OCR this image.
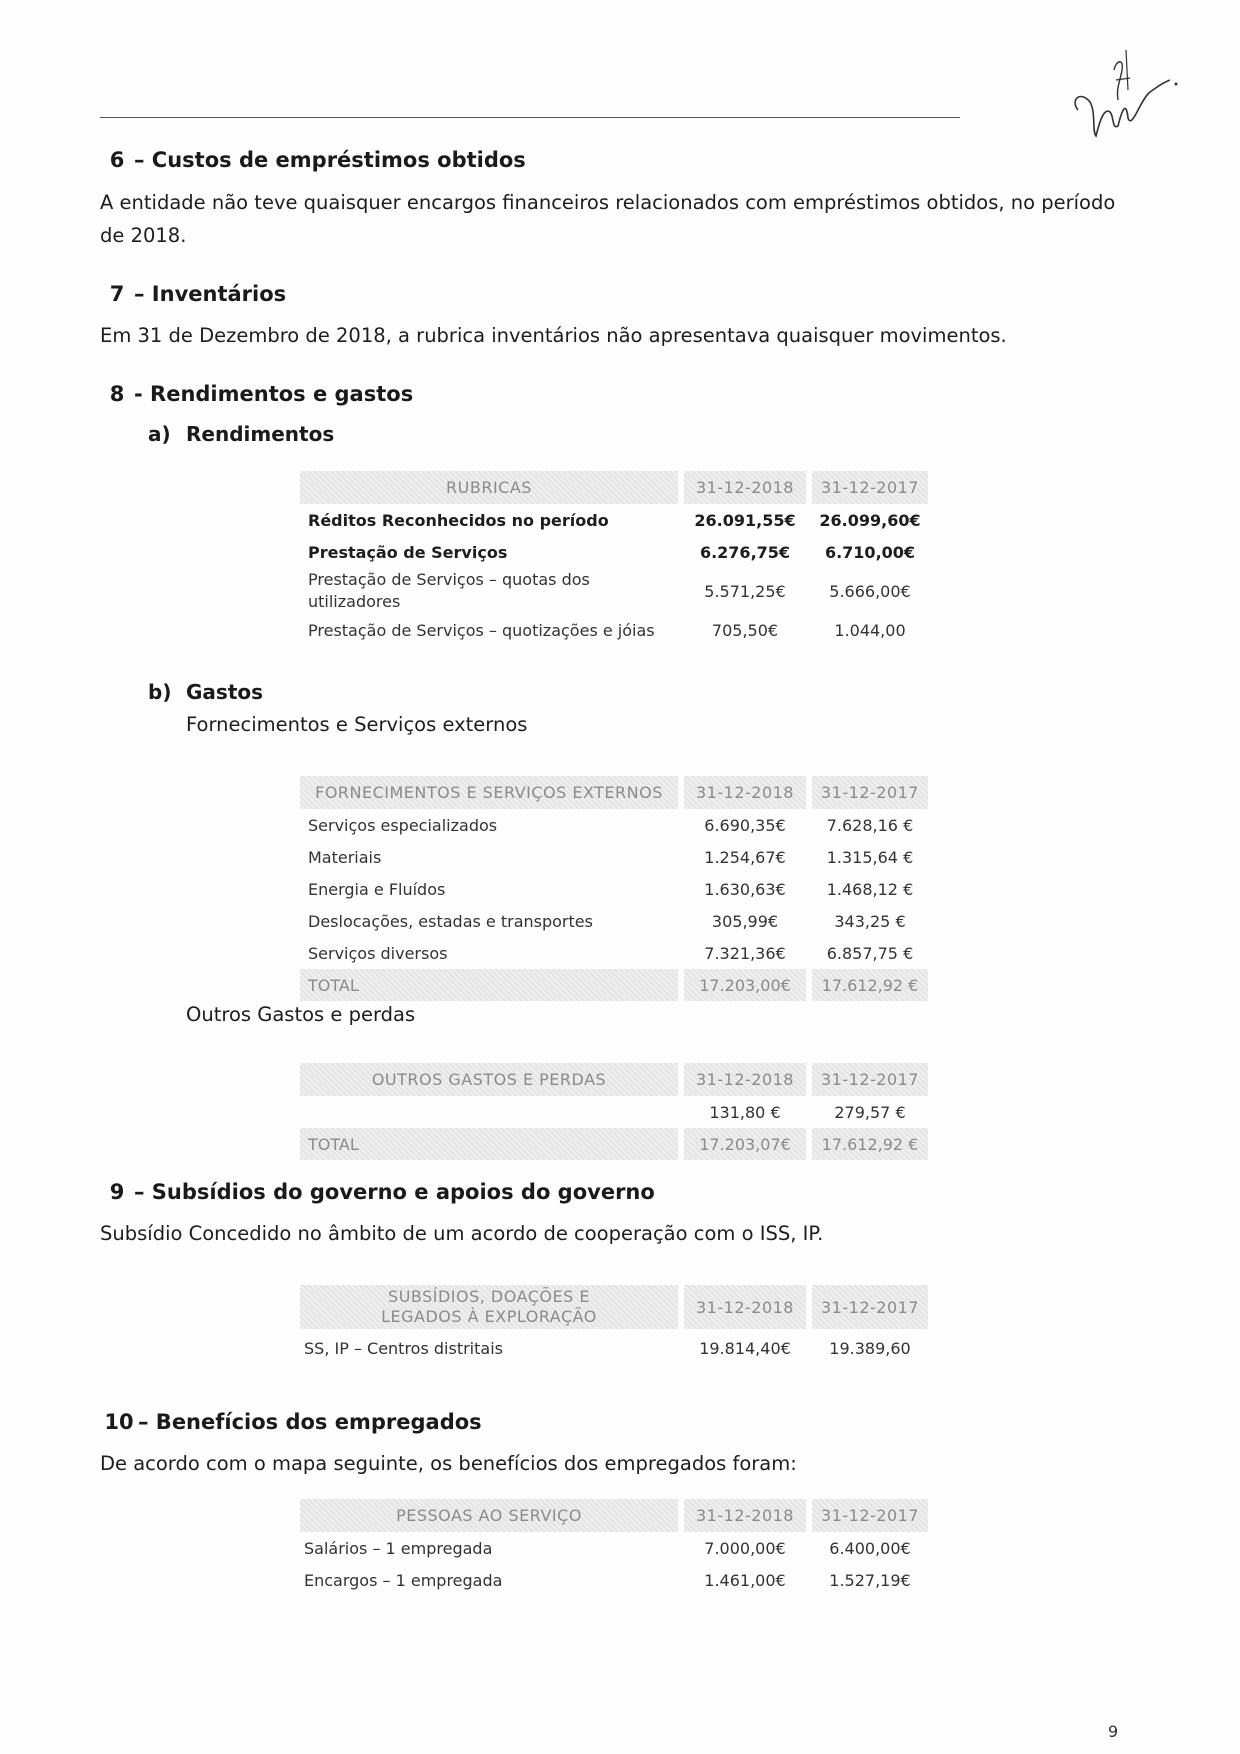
6 – Custos de empréstimos obtidos
A entidade não teve quaisquer encargos financeiros relacionados com empréstimos obtidos, no período de 2018.
7 – Inventários
Em 31 de Dezembro de 2018, a rubrica inventários não apresentava quaisquer movimentos.
8 - Rendimentos e gastos
a) Rendimentos
RUBRICAS		31-12-2018		31-12-2017
Réditos Reconhecidos no período		26.091,55€		26.099,60€
Prestação de Serviços		6.276,75€		6.710,00€
Prestação de Serviços – quotas dos utilizadores		5.571,25€		5.666,00€
Prestação de Serviços – quotizações e jóias		705,50€		1.044,00
b) Gastos
Fornecimentos e Serviços externos
FORNECIMENTOS E SERVIÇOS EXTERNOS		31-12-2018		31-12-2017
Serviços especializados		6.690,35€		7.628,16 €
Materiais		1.254,67€		1.315,64 €
Energia e Fluídos		1.630,63€		1.468,12 €
Deslocações, estadas e transportes		305,99€		343,25 €
Serviços diversos		7.321,36€		6.857,75 €
TOTAL		17.203,00€		17.612,92 €
Outros Gastos e perdas
OUTROS GASTOS E PERDAS		31-12-2018		31-12-2017
		131,80 €		279,57 €
TOTAL		17.203,07€		17.612,92 €
9 – Subsídios do governo e apoios do governo
Subsídio Concedido no âmbito de um acordo de cooperação com o ISS, IP.
SUBSÍDIOS, DOAÇÕES E LEGADOS À EXPLORAÇÃO		31-12-2018		31-12-2017
SS, IP – Centros distritais		19.814,40€		19.389,60
10 – Benefícios dos empregados
De acordo com o mapa seguinte, os benefícios dos empregados foram:
PESSOAS AO SERVIÇO		31-12-2018		31-12-2017
Salários – 1 empregada		7.000,00€		6.400,00€
Encargos – 1 empregada		1.461,00€		1.527,19€
9
